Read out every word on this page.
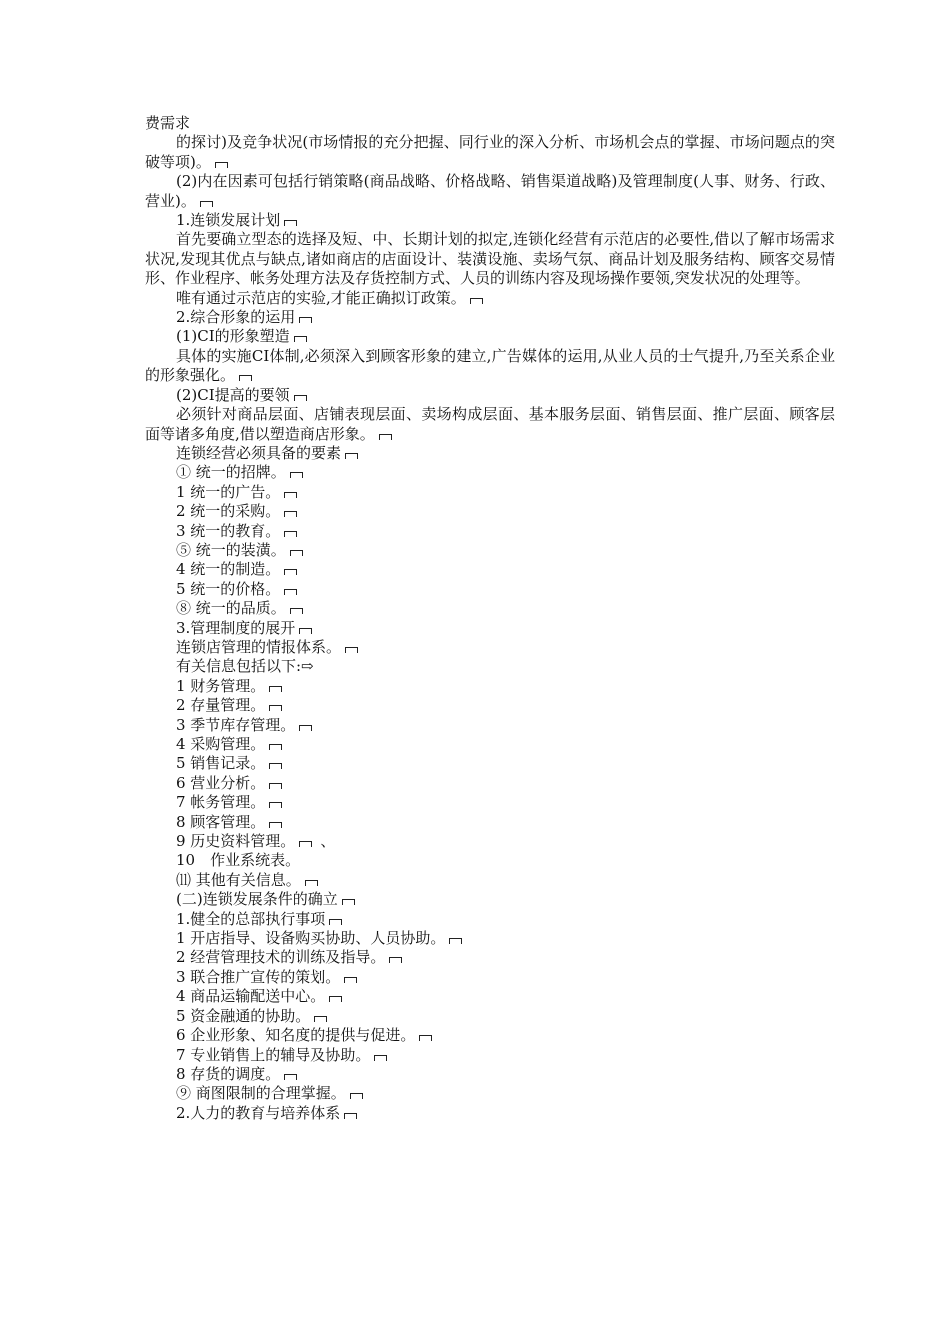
费需求
的探讨)及竞争状况(市场情报的充分把握、同行业的深入分析、市场机会点的掌握、市场问题点的突破等项)。
(2)内在因素可包括行销策略(商品战略、价格战略、销售渠道战略)及管理制度(人事、财务、行政、营业)。
1.连锁发展计划
首先要确立型态的选择及短、中、长期计划的拟定,连锁化经营有示范店的必要性,借以了解市场需求状况,发现其优点与缺点,诸如商店的店面设计、装潢设施、卖场气氛、商品计划及服务结构、顾客交易情形、作业程序、帐务处理方法及存货控制方式、人员的训练内容及现场操作要领,突发状况的处理等。
唯有通过示范店的实验,才能正确拟订政策。
2.综合形象的运用
(1)CI的形象塑造
具体的实施CI体制,必须深入到顾客形象的建立,广告媒体的运用,从业人员的士气提升,乃至关系企业的形象强化。
(2)CI提高的要领
必须针对商品层面、店铺表现层面、卖场构成层面、基本服务层面、销售层面、推广层面、顾客层面等诸多角度,借以塑造商店形象。
连锁经营必须具备的要素
① 统一的招牌。
1 统一的广告。
2 统一的采购。
3 统一的教育。
⑤ 统一的装潢。
4 统一的制造。
5 统一的价格。
⑧ 统一的品质。
3.管理制度的展开
连锁店管理的情报体系。
有关信息包括以下:⇨
1 财务管理。
2 存量管理。
3 季节库存管理。
4 采购管理。
5 销售记录。
6 营业分析。
7 帐务管理。
8 顾客管理。
9 历史资料管理。 、
10　作业系统表。
⑾ 其他有关信息。
(二)连锁发展条件的确立
1.健全的总部执行事项
1 开店指导、设备购买协助、人员协助。
2 经营管理技术的训练及指导。
3 联合推广宣传的策划。
4 商品运输配送中心。
5 资金融通的协助。
6 企业形象、知名度的提供与促进。
7 专业销售上的辅导及协助。
8 存货的调度。
⑨ 商图限制的合理掌握。
2.人力的教育与培养体系
